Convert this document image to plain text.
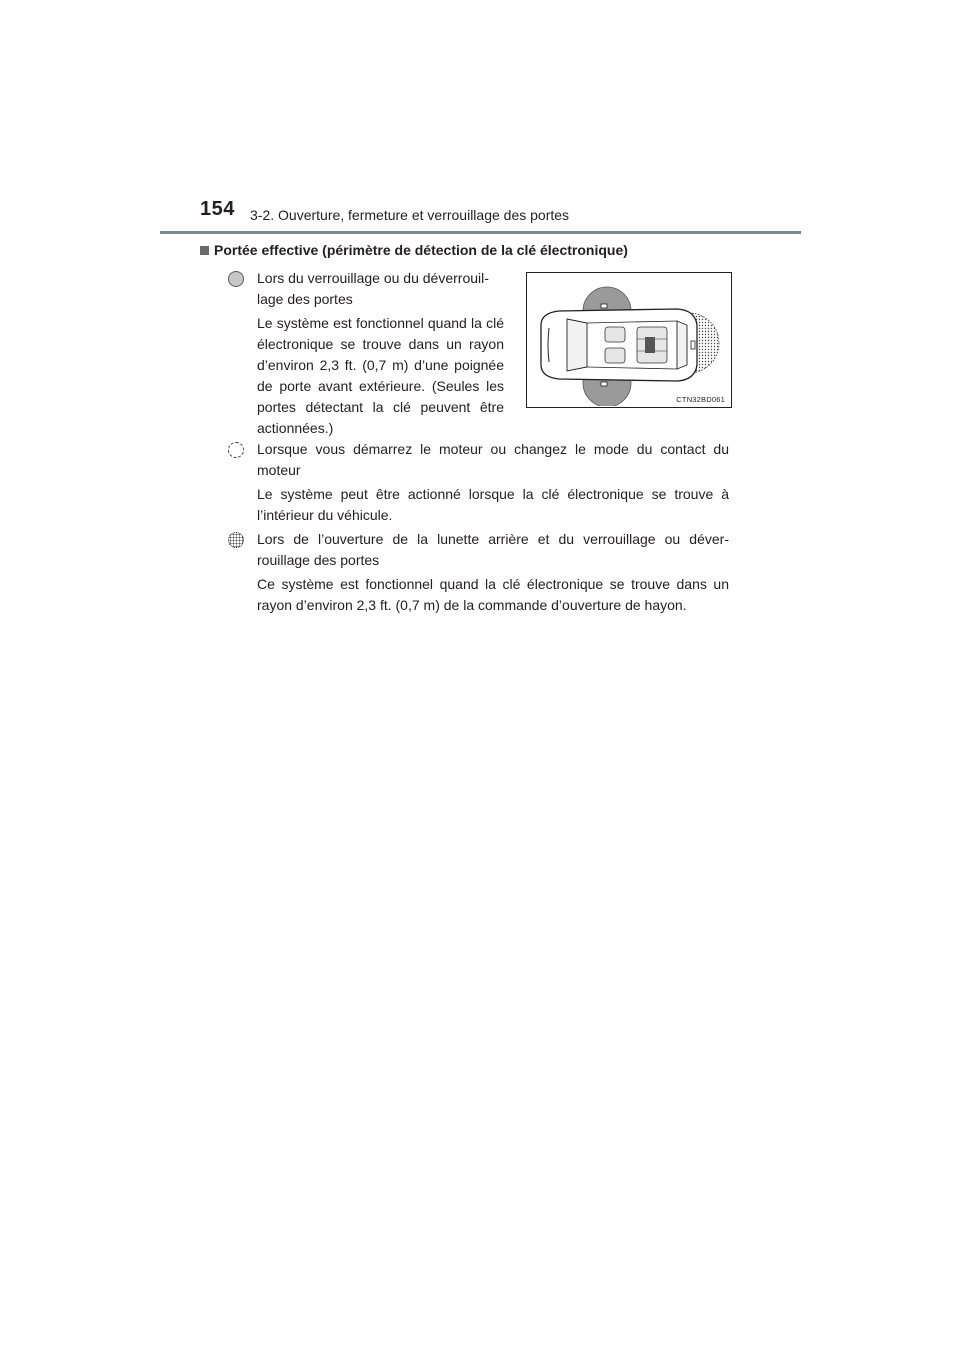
154 3-2. Ouverture, fermeture et verrouillage des portes
Portée effective (périmètre de détection de la clé électronique)
Lors du verrouillage ou du déverrouil-
lage des portes

Le système est fonctionnel quand la clé électronique se trouve dans un rayon d’environ 2,3 ft. (0,7 m) d’une poignée de porte avant extérieure. (Seules les portes détectant la clé peuvent être actionnées.)

CTN32BD061

Lorsque vous démarrez le moteur ou changez le mode du contact du moteur

Le système peut être actionné lorsque la clé électronique se trouve à l’intérieur du véhicule.

Lors de l’ouverture de la lunette arrière et du verrouillage ou déver-
rouillage des portes

Ce système est fonctionnel quand la clé électronique se trouve dans un rayon d’environ 2,3 ft. (0,7 m) de la commande d’ouverture de hayon.
